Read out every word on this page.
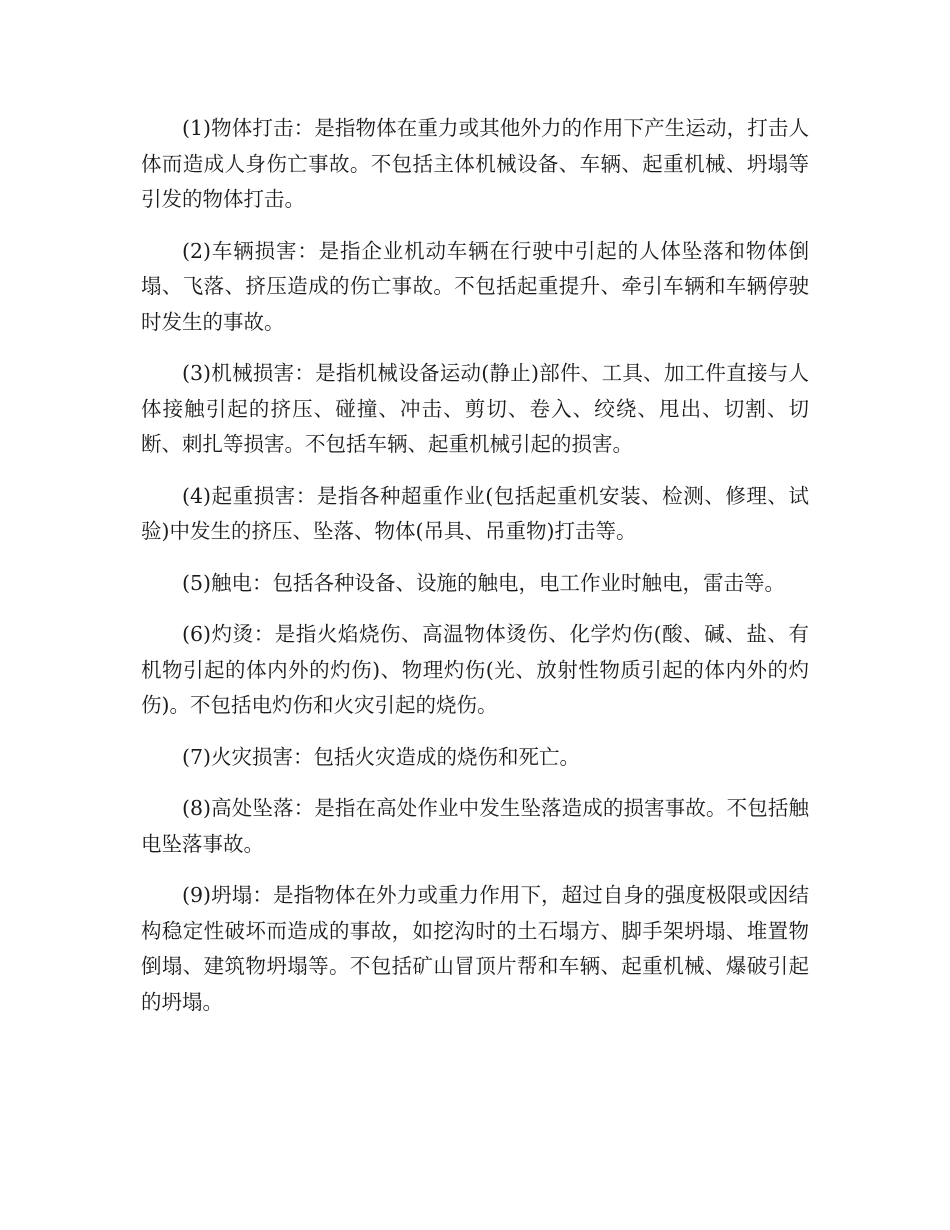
(1)物体打击：是指物体在重力或其他外力的作用下产生运动，打击人体而造成人身伤亡事故。不包括主体机械设备、车辆、起重机械、坍塌等引发的物体打击。

(2)车辆损害：是指企业机动车辆在行驶中引起的人体坠落和物体倒塌、飞落、挤压造成的伤亡事故。不包括起重提升、牵引车辆和车辆停驶时发生的事故。

(3)机械损害：是指机械设备运动(静止)部件、工具、加工件直接与人体接触引起的挤压、碰撞、冲击、剪切、卷入、绞绕、甩出、切割、切断、刺扎等损害。不包括车辆、起重机械引起的损害。

(4)起重损害：是指各种超重作业(包括起重机安装、检测、修理、试验)中发生的挤压、坠落、物体(吊具、吊重物)打击等。

(5)触电：包括各种设备、设施的触电，电工作业时触电，雷击等。

(6)灼烫：是指火焰烧伤、高温物体烫伤、化学灼伤(酸、碱、盐、有机物引起的体内外的灼伤)、物理灼伤(光、放射性物质引起的体内外的灼伤)。不包括电灼伤和火灾引起的烧伤。

(7)火灾损害：包括火灾造成的烧伤和死亡。

(8)高处坠落：是指在高处作业中发生坠落造成的损害事故。不包括触电坠落事故。

(9)坍塌：是指物体在外力或重力作用下，超过自身的强度极限或因结构稳定性破坏而造成的事故，如挖沟时的土石塌方、脚手架坍塌、堆置物倒塌、建筑物坍塌等。不包括矿山冒顶片帮和车辆、起重机械、爆破引起的坍塌。
